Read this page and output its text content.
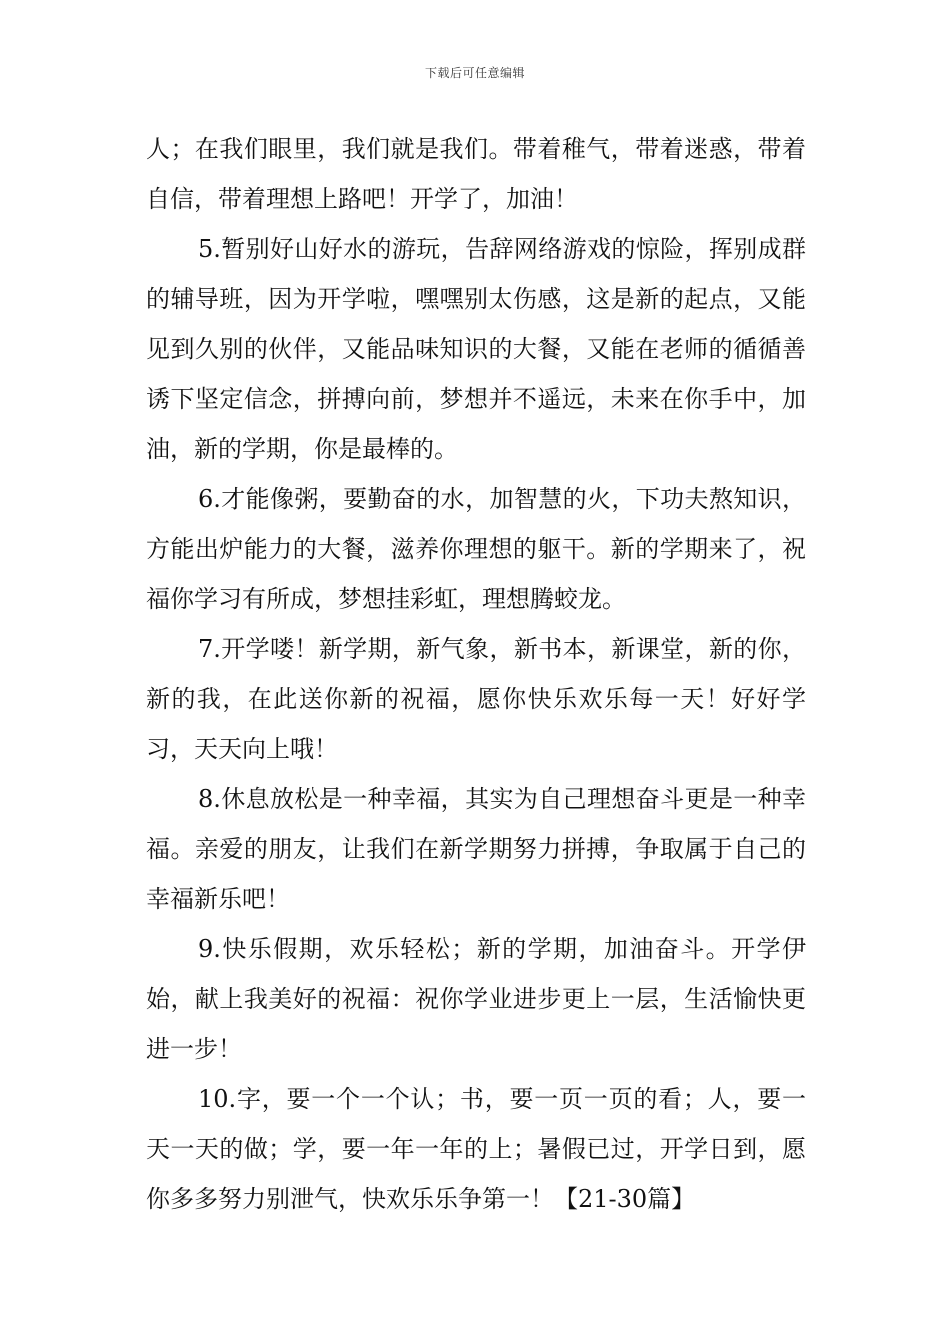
下载后可任意编辑

人；在我们眼里，我们就是我们。带着稚气，带着迷惑，带着自信，带着理想上路吧！开学了，加油！

5.暂别好山好水的游玩，告辞网络游戏的惊险，挥别成群的辅导班，因为开学啦，嘿嘿别太伤感，这是新的起点，又能见到久别的伙伴，又能品味知识的大餐，又能在老师的循循善诱下坚定信念，拼搏向前，梦想并不遥远，未来在你手中，加油，新的学期，你是最棒的。

6.才能像粥，要勤奋的水，加智慧的火，下功夫熬知识，方能出炉能力的大餐，滋养你理想的躯干。新的学期来了，祝福你学习有所成，梦想挂彩虹，理想腾蛟龙。

7.开学喽！新学期，新气象，新书本，新课堂，新的你，新的我，在此送你新的祝福，愿你快乐欢乐每一天！好好学习，天天向上哦！

8.休息放松是一种幸福，其实为自己理想奋斗更是一种幸福。亲爱的朋友，让我们在新学期努力拼搏，争取属于自己的幸福新乐吧！

9.快乐假期，欢乐轻松；新的学期，加油奋斗。开学伊始，献上我美好的祝福：祝你学业进步更上一层，生活愉快更进一步！

10.字，要一个一个认；书，要一页一页的看；人，要一天一天的做；学，要一年一年的上；暑假已过，开学日到，愿你多多努力别泄气，快欢乐乐争第一！【21-30篇】
